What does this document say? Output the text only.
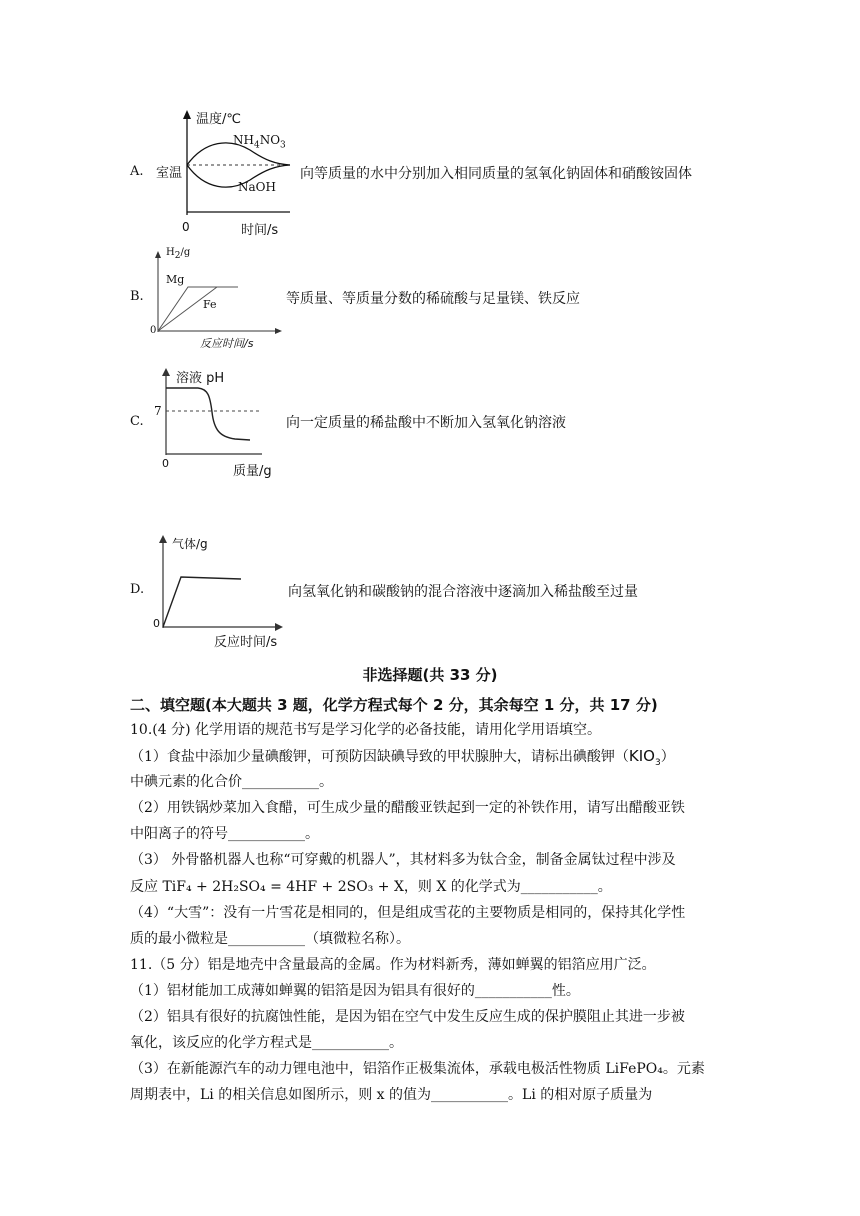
A.
温度/℃
室温
$NH_4NO_3$
NaOH
0	时间/s
向等质量的水中分别加入相同质量的氢氧化钠固体和硝酸铵固体
B.
$H_2/g$
Mg
Fe
0
反应时间/s
等质量、等质量分数的稀硫酸与足量镁、铁反应
C.
溶液 pH
7
0
质量/g
向一定质量的稀盐酸中不断加入氢氧化钠溶液
D.
气体/g
0
反应时间/s
向氢氧化钠和碳酸钠的混合溶液中逐滴加入稀盐酸至过量
非选择题(共 33 分)
二、填空题(本大题共 3 题，化学方程式每个 2 分，其余每空 1 分，共 17 分)
10.(4 分) 化学用语的规范书写是学习化学的必备技能，请用化学用语填空。
（1）食盐中添加少量碘酸钾，可预防因缺碘导致的甲状腺肿大，请标出碘酸钾$(KIO_3)$
中碘元素的化合价___________。
（2）用铁锅炒菜加入食醋，可生成少量的醋酸亚铁起到一定的补铁作用，请写出醋酸亚铁
中阳离子的符号___________。
（3） 外骨骼机器人也称“可穿戴的机器人”，其材料多为钛合金，制备金属钛过程中涉及
反应 TiF₄ + 2H₂SO₄ = 4HF + 2SO₃ + X，则 X 的化学式为___________。
（4）“大雪”：没有一片雪花是相同的，但是组成雪花的主要物质是相同的，保持其化学性
质的最小微粒是___________（填微粒名称）。
11.（5 分）铝是地壳中含量最高的金属。作为材料新秀，薄如蝉翼的铝箔应用广泛。
（1）铝材能加工成薄如蝉翼的铝箔是因为铝具有很好的___________性。
（2）铝具有很好的抗腐蚀性能，是因为铝在空气中发生反应生成的保护膜阻止其进一步被
氧化，该反应的化学方程式是___________。
（3）在新能源汽车的动力锂电池中，铝箔作正极集流体，承载电极活性物质 LiFePO₄。元素
周期表中，Li 的相关信息如图所示，则 x 的值为___________。Li 的相对原子质量为
